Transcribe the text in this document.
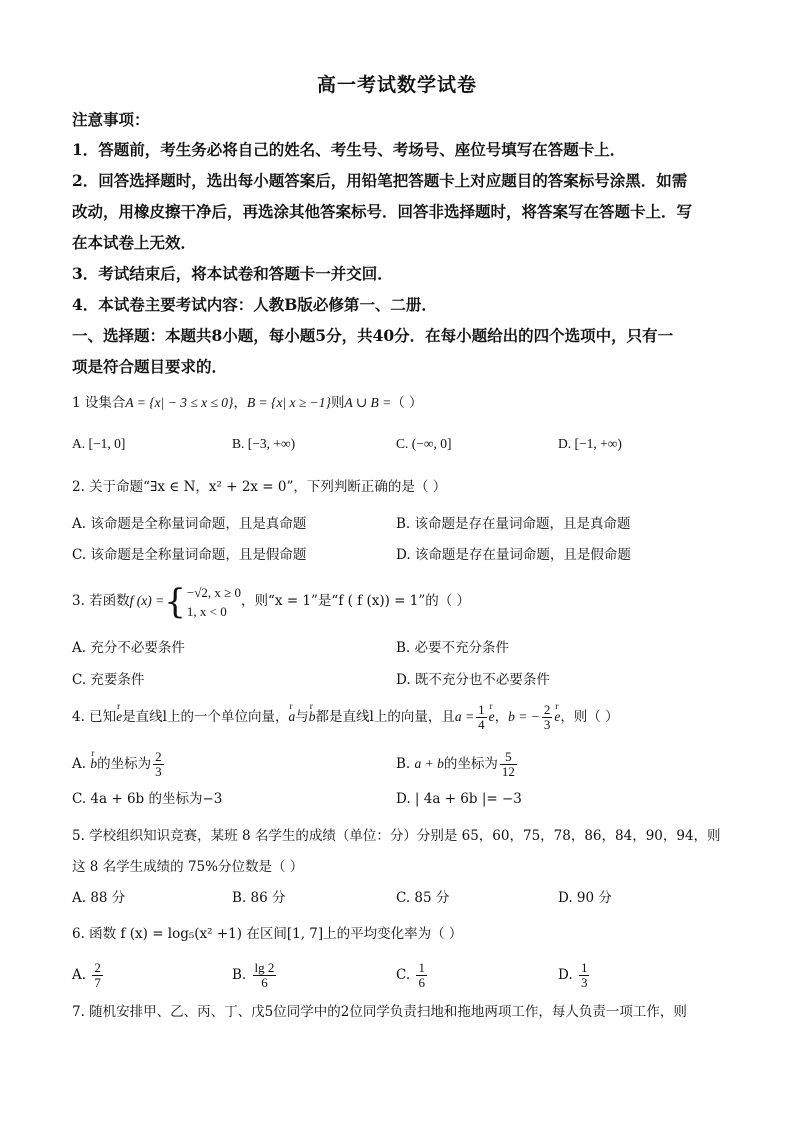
高一考试数学试卷
注意事项：
1．答题前，考生务必将自己的姓名、考生号、考场号、座位号填写在答题卡上．
2．回答选择题时，选出每小题答案后，用铅笔把答题卡上对应题目的答案标号涂黑．如需
改动，用橡皮擦干净后，再选涂其他答案标号．回答非选择题时，将答案写在答题卡上．写
在本试卷上无效．
3．考试结束后，将本试卷和答题卡一并交回．
4．本试卷主要考试内容：人教B版必修第一、二册．
一、选择题：本题共8小题，每小题5分，共40分．在每小题给出的四个选项中，只有一
项是符合题目要求的．
1 设集合A = {x| − 3 ≤ x ≤ 0}，B = {x| x ≥ −1}则A ∪ B =（ ）
A. [−1, 0]	B. [−3, +∞)	C. (−∞, 0]	D. [−1, +∞)
2. 关于命题“∃x ∈ N，x² + 2x = 0”，下列判断正确的是（ ）
A. 该命题是全称量词命题，且是真命题	B. 该命题是存在量词命题，且是真命题
C. 该命题是全称量词命题，且是假命题	D. 该命题是存在量词命题，且是假命题
3. 若函数f (x) ={ −√2, x ≥ 0
1, x < 0
，则“x = 1”是“f ( f (x)) = 1”的（ ）
A. 充分不必要条件	B. 必要不充分条件
C. 充要条件	D. 既不充分也不必要条件
4. 已知r e是直线l上的一个单位向量，r a与r b都是直线l上的向量，且$a = \frac{1}{4}$ r e，b = − $\frac{2}{3}$ r e，则（ ）
A. r b的坐标为 $\frac{2}{3}$	B. a + b的坐标为 $\frac{5}{12}$
C. 4a + 6b 的坐标为−3	D. | 4a + 6b |= −3
5. 学校组织知识竞赛，某班 8 名学生的成绩（单位：分）分别是 65，60，75，78，86，84，90，94，则
这 8 名学生成绩的 75%分位数是（ ）
A. 88 分	B. 86 分	C. 85 分	D. 90 分
6. 函数 f (x) = log₅(x² +1) 在区间[1, 7]上的平均变化率为（ ）
A. $\frac{2}{7}$	B. $\frac{\lg 2}{6}$	C. $\frac{1}{6}$	D. $\frac{1}{3}$
7. 随机安排甲、乙、丙、丁、戊5位同学中的2位同学负责扫地和拖地两项工作，每人负责一项工作，则
